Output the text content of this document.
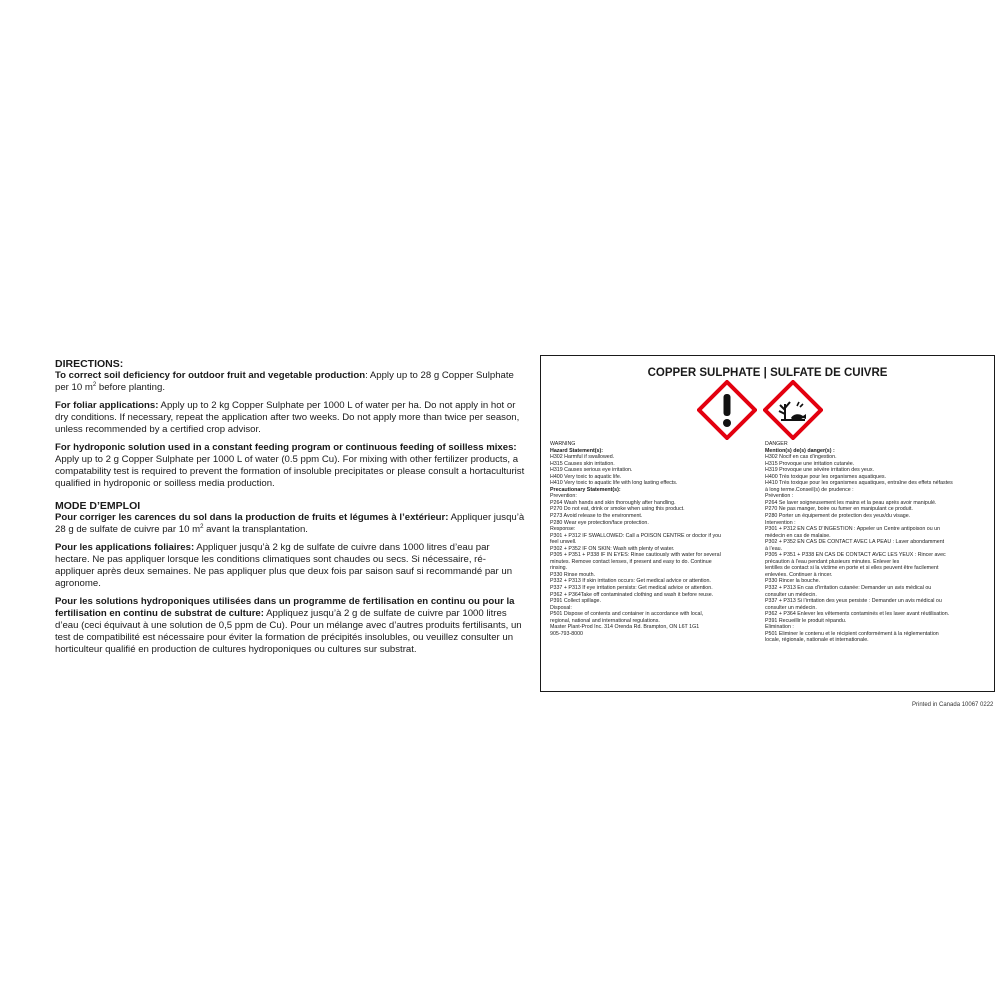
DIRECTIONS:

To correct soil deficiency for outdoor fruit and vegetable production: Apply up to 28 g Copper Sulphate per 10 $m^2$ before planting.

For foliar applications: Apply up to 2 kg Copper Sulphate per 1000 L of water per ha. Do not apply in hot or dry conditions. If necessary, repeat the application after two weeks. Do not apply more than twice per season, unless recommended by a certified crop advisor.

For hydroponic solution used in a constant feeding program or continuous feeding of soilless mixes: Apply up to 2 g Copper Sulphate per 1000 L of water (0.5 ppm Cu). For mixing with other fertilizer products, a compatability test is required to prevent the formation of insoluble precipitates or please consult a hortaculturist qualified in hydroponic or soilless media production.

MODE D’EMPLOI

Pour corriger les carences du sol dans la production de fruits et légumes à l’extérieur: Appliquer jusqu’à 28 g de sulfate de cuivre par 10 $m^2$ avant la transplantation.

Pour les applications foliaires: Appliquer jusqu’à 2 kg de sulfate de cuivre dans 1000 litres d’eau par hectare. Ne pas appliquer lorsque les conditions climatiques sont chaudes ou secs. Si nécessaire, ré-appliquer après deux semaines. Ne pas appliquer plus que deux fois par saison sauf si recommandé par un agronome.

Pour les solutions hydroponiques utilisées dans un programme de fertilisation en continu ou pour la fertilisation en continu de substrat de culture: Appliquez jusqu’à 2 g de sulfate de cuivre par 1000 litres d’eau (ceci équivaut à une solution de 0,5 ppm de Cu). Pour un mélange avec d’autres produits fertilisants, un test de compatibilité est nécessaire pour éviter la formation de précipités insolubles, ou veuillez consulter un horticulteur qualifié en production de cultures hydroponiques ou cultures sur substrat.

COPPER SULPHATE | SULFATE DE CUIVRE
WARNING
Hazard Statement(s):
H302 Harmful if swallowed.
H315 Causes skin irritation.
H319 Causes serious eye irritation.
H400 Very toxic to aquatic life.
H410 Very toxic to aquatic life with long lasting effects.
Precautionary Statement(s):
Prevention:
P264 Wash hands and skin thoroughly after handling.
P270 Do not eat, drink or smoke when using this product.
P273 Avoid release to the environment.
P280 Wear eye protection/face protection.
Response:
P301 + P312 IF SWALLOWED: Call a POISON CENTRE or doctor if you
feel unwell.
P302 + P352 IF ON SKIN: Wash with plenty of water.
P305 + P351 + P338 IF IN EYES: Rinse cautiously with water for several
minutes. Remove contact lenses, if present and easy to do. Continue
rinsing.
P330 Rinse mouth.
P332 + P313 If skin irritation occurs: Get medical advice or attention.
P337 + P313 If eye irritation persists: Get medical advice or attention.
P362 + P364Take off contaminated clothing and wash it before reuse.
P391 Collect spillage.
Disposal:
P501 Dispose of contents and container in accordance with local,
regional, national and international regulations.
Master Plant-Prod Inc. 314 Orenda Rd. Brampton, ON L6T 1G1
905-793-8000
DANGER
Mention(s) de(s) danger(s) :
H302 Nocif en cas d’ingestion.
H315 Provoque une irritation cutanée.
H319 Provoque une sévère irritation des yeux.
H400 Très toxique pour les organismes aquatiques.
H410 Très toxique pour les organismes aquatiques, entraîne des effets néfastes
à long terme.Conseil(s) de prudence :
Prévention :
P264 Se laver soigneusement les mains et la peau après avoir manipulé.
P270 Ne pas manger, boire ou fumer en manipulant ce produit.
P280 Porter un équipement de protection des yeux/du visage.
Intervention :
P301 + P312 EN CAS D’INGESTION : Appeler un Centre antipoison ou un
médecin en cas de malaise.
P302 + P352 EN CAS DE CONTACT AVEC LA PEAU : Laver abondamment
à l’eau.
P305 + P351 + P338 EN CAS DE CONTACT AVEC LES YEUX : Rincer avec
précaution à l’eau pendant plusieurs minutes. Enlever les
lentilles de contact si la victime en porte et si elles peuvent être facilement
enlevées. Continuer à rincer.
P330 Rincer la bouche.
P332 + P313 En cas d’irritation cutanée: Demander un avis médical ou
consulter un médecin.
P337 + P313 Si l’irritation des yeux persiste : Demander un avis médical ou
consulter un médecin.
P362 + P364 Enlever les vêtements contaminés et les laver avant réutilisation.
P391 Recueillir le produit répandu.
Élimination :
P501 Éliminer le contenu et le récipient conformément à la réglementation
locale, régionale, nationale et internationale.
Printed in Canada 10067 0222
